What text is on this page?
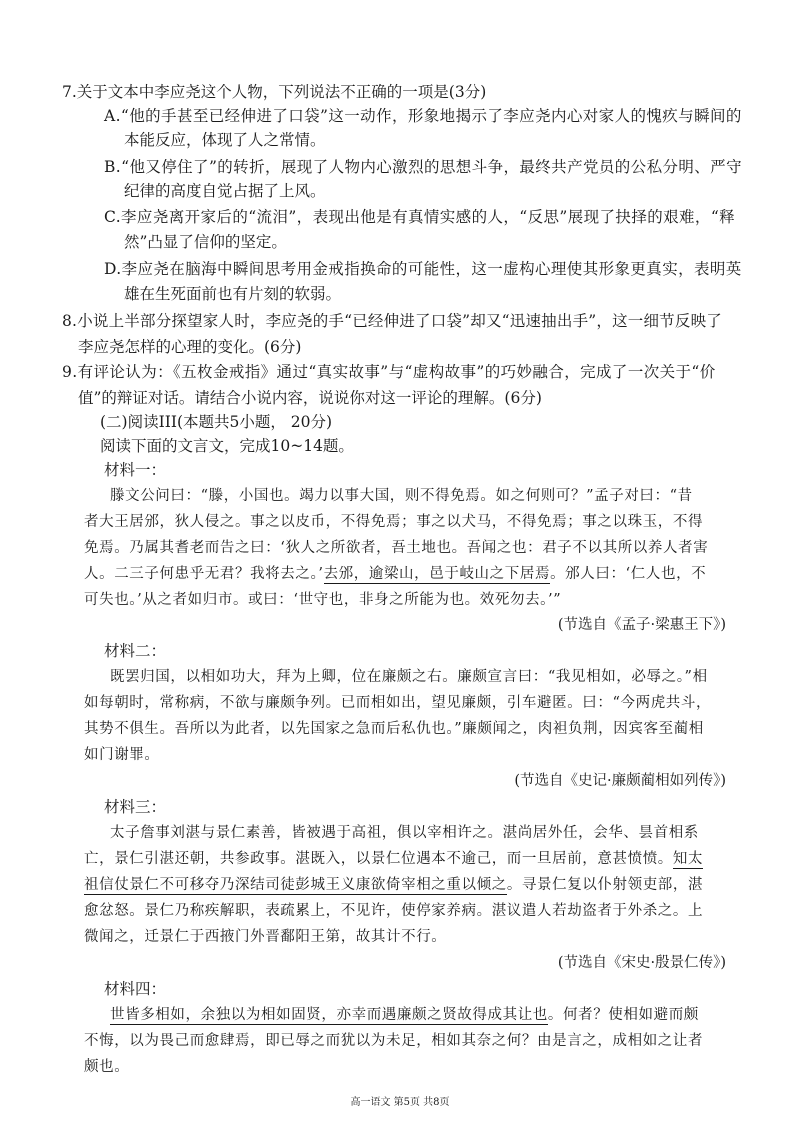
7.关于文本中李应尧这个人物，下列说法不正确的一项是(3分)
A.“他的手甚至已经伸进了口袋”这一动作，形象地揭示了李应尧内心对家人的愧疚与瞬间的
本能反应，体现了人之常情。
B.“他又停住了”的转折，展现了人物内心激烈的思想斗争，最终共产党员的公私分明、严守
纪律的高度自觉占据了上风。
C.李应尧离开家后的“流泪”，表现出他是有真情实感的人，“反思”展现了抉择的艰难，“释
然”凸显了信仰的坚定。
D.李应尧在脑海中瞬间思考用金戒指换命的可能性，这一虚构心理使其形象更真实，表明英
雄在生死面前也有片刻的软弱。
8.小说上半部分探望家人时，李应尧的手“已经伸进了口袋”却又“迅速抽出手”，这一细节反映了
李应尧怎样的心理的变化。(6分)
9.有评论认为：《五枚金戒指》通过“真实故事”与“虚构故事”的巧妙融合，完成了一次关于“价
值”的辩证对话。请结合小说内容，说说你对这一评论的理解。(6分)
(二)阅读III(本题共5小题， 20分)
阅读下面的文言文，完成10~14题。
材料一：
滕文公问曰：“滕，小国也。竭力以事大国，则不得免焉。如之何则可？”孟子对曰：“昔
者大王居邠，狄人侵之。事之以皮币，不得免焉；事之以犬马，不得免焉；事之以珠玉，不得
免焉。乃属其耆老而告之曰：‘狄人之所欲者，吾土地也。吾闻之也：君子不以其所以养人者害
人。二三子何患乎无君？我将去之。’去邠，逾梁山，邑于岐山之下居焉。邠人曰：‘仁人也，不
可失也。’从之者如归市。或曰：‘世守也，非身之所能为也。效死勿去。’”
(节选自《孟子·梁惠王下》)
材料二：
既罢归国，以相如功大，拜为上卿，位在廉颇之右。廉颇宣言曰：“我见相如，必辱之。”相
如每朝时，常称病，不欲与廉颇争列。已而相如出，望见廉颇，引车避匿。曰：“今两虎共斗，
其势不俱生。吾所以为此者，以先国家之急而后私仇也。”廉颇闻之，肉袒负荆，因宾客至蔺相
如门谢罪。
(节选自《史记·廉颇蔺相如列传》)
材料三：
太子詹事刘湛与景仁素善，皆被遇于高祖，俱以宰相许之。湛尚居外任，会华、昙首相系
亡，景仁引湛还朝，共参政事。湛既入，以景仁位遇本不逾己，而一旦居前，意甚愤愤。知太
祖信仗景仁不可移夺乃深结司徒彭城王义康欲倚宰相之重以倾之。寻景仁复以仆射领吏部，湛
愈忿怒。景仁乃称疾解职，表疏累上，不见许，使停家养病。湛议遣人若劫盗者于外杀之。上
微闻之，迁景仁于西掖门外晋鄱阳王第，故其计不行。
(节选自《宋史·殷景仁传》)
材料四：
世皆多相如，余独以为相如固贤，亦幸而遇廉颇之贤故得成其让也。何者？使相如避而颇
不悔，以为畏己而愈肆焉，即已辱之而犹以为未足，相如其奈之何？由是言之，成相如之让者
颇也。
高一语文 第5页 共8页
